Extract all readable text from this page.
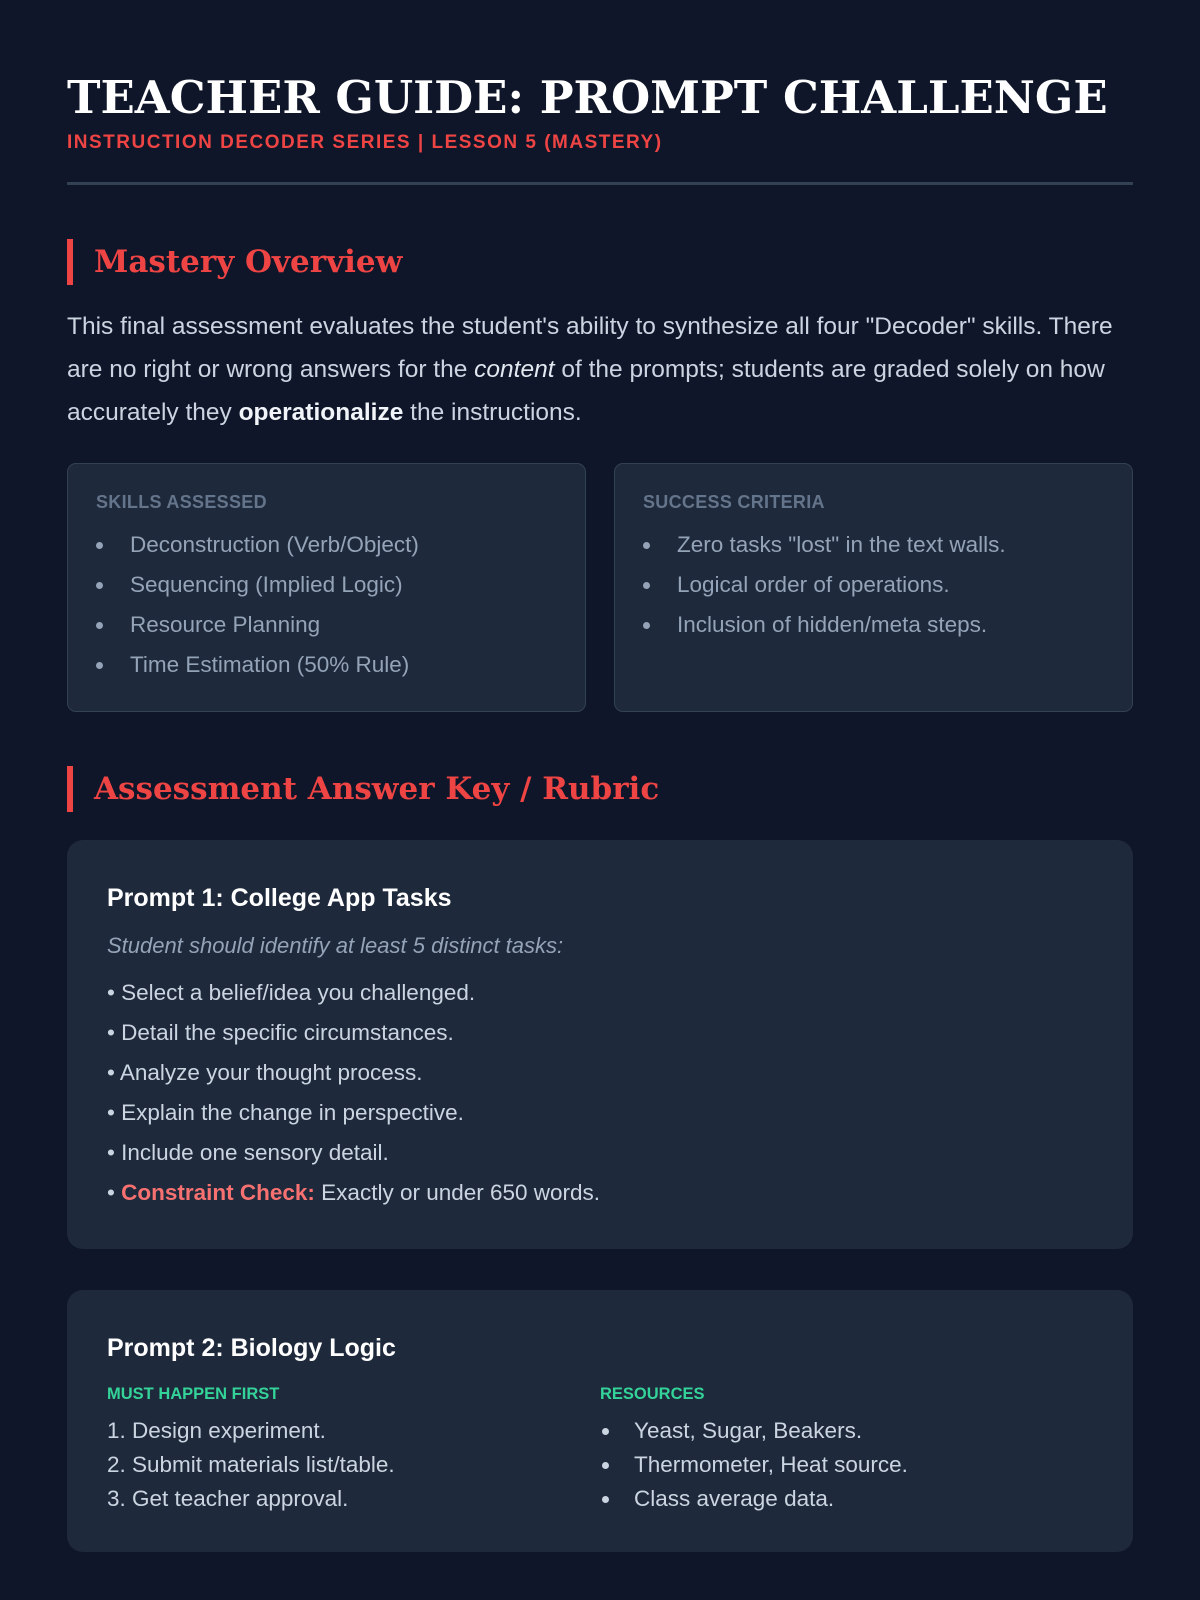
TEACHER GUIDE: PROMPT CHALLENGE
INSTRUCTION DECODER SERIES | LESSON 5 (MASTERY)
Mastery Overview

This final assessment evaluates the student's ability to synthesize all four "Decoder" skills. There are no right or wrong answers for the content of the prompts; students are graded solely on how accurately they operationalize the instructions.

SKILLS ASSESSED
Deconstruction (Verb/Object)
Sequencing (Implied Logic)
Resource Planning
Time Estimation (50% Rule)
SUCCESS CRITERIA
Zero tasks "lost" in the text walls.
Logical order of operations.
Inclusion of hidden/meta steps.
Assessment Answer Key / Rubric
Prompt 1: College App Tasks
Student should identify at least 5 distinct tasks:
• Select a belief/idea you challenged.
• Detail the specific circumstances.
• Analyze your thought process.
• Explain the change in perspective.
• Include one sensory detail.
• Constraint Check: Exactly or under 650 words.
Prompt 2: Biology Logic
MUST HAPPEN FIRST
1. Design experiment.
2. Submit materials list/table.
3. Get teacher approval.
RESOURCES
Yeast, Sugar, Beakers.
Thermometer, Heat source.
Class average data.
